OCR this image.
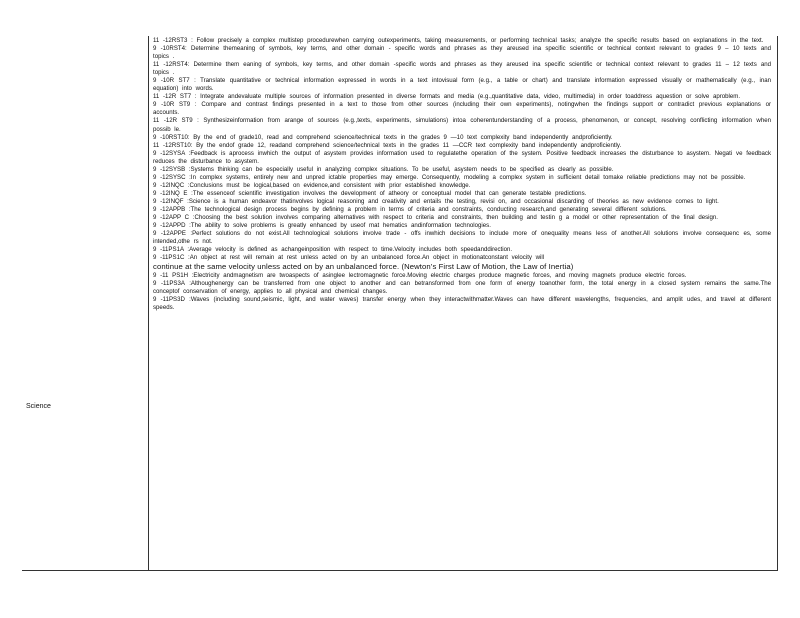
Science
11 -12RST3 : Follow precisely a complex multistep procedurewhen carrying outexperiments, taking measurements, or performing technical tasks; analyze the specific results based on explanations in the text.
9 -10RST4: Determine themeaning of symbols, key terms, and other domain - specific words and phrases as they areused ina specific scientific or technical context relevant to grades 9 – 10 texts and topics .
11 -12RST4: Determine them eaning of symbols, key terms, and other domain -specific words and phrases as they areused ina specific scientific or technical context relevant to grades 11 – 12 texts and topics .
9 -10R ST7 : Translate quantitative or technical information expressed in words in a text intovisual form (e.g., a table or chart) and translate information expressed visually or mathematically (e.g., inan equation) into words.
11 -12R ST7 : Integrate andevaluate multiple sources of information presented in diverse formats and media (e.g.,quantitative data, video, multimedia) in order toaddress aquestion or solve aproblem.
9 -10R ST9 : Compare and contrast findings presented in a text to those from other sources (including their own experiments), notingwhen the findings support or contradict previous explanations or accounts.
11 -12R ST9 : Synthesizeinformation from arange of sources (e.g.,texts, experiments, simulations) intoa coherentunderstanding of a process, phenomenon, or concept, resolving conflicting information when possib le.
9 -10RST10: By the end of grade10, read and comprehend science/technical texts in the grades 9 —10 text complexity band independently andproficiently.
11 -12RST10: By the endof grade 12, readand comprehend science/technical texts in the grades 11 —CCR text complexity band independently andproficiently.
9 -12SYSA :Feedback is aprocess inwhich the output of asystem provides information used to regulatethe operation of the system. Positive feedback increases the disturbance to asystem. Negati ve feedback reduces the disturbance to asystem.
9 -12SYSB :Systems thinking can be especially useful in analyzing complex situations. To be useful, asystem needs to be specified as clearly as possible.
9 -12SYSC :In complex systems, entirely new and unpred ictable properties may emerge. Consequently, modeling a complex system in sufficient detail tomake reliable predictions may not be possible.
9 -12INQC :Conclusions must be logical,based on evidence,and consistent with prior established knowledge.
9 -12INQ E :The essenceof scientific investigation involves the development of atheory or conceptual model that can generate testable predictions.
9 -12INQF :Science is a human endeavor thatinvolves logical reasoning and creativity and entails the testing, revisi on, and occasional discarding of theories as new evidence comes to light.
9 -12APPB :The technological design process begins by defining a problem in terms of criteria and constraints, conducting research,and generating several different solutions.
9 -12APP C :Choosing the best solution involves comparing alternatives with respect to criteria and constraints, then building and testin g a model or other representation of the final design.
9 -12APPD :The ability to solve problems is greatly enhanced by useof mat hematics andinformation technologies.
9 -12APPE :Perfect solutions do not exist.All technological solutions involve trade - offs inwhich decisions to include more of onequality means less of another.All solutions involve consequenc es, some intended,othe rs not.
9 -11PS1A :Average velocity is defined as achangeinposition with respect to time.Velocity includes both speedanddirection.
9 -11PS1C :An object at rest will remain at rest unless acted on by an unbalanced force.An object in motionatconstant velocity will
continue at the same velocity unless acted on by an unbalanced force. (Newton’s First Law of Motion, the Law of Inertia)
9 -11 PS1H :Electricity andmagnetism are twoaspects of asinglee lectromagnetic force.Moving electric charges produce magnetic forces, and moving magnets produce electric forces.
9 -11PS3A :Althoughenergy can be transferred from one object to another and can betransformed from one form of energy toanother form, the total energy in a closed system remains the same.The conceptof conservation of energy, applies to all physical and chemical changes.
9 -11PS3D :Waves (including sound,seismic, light, and water waves) transfer energy when they interactwithmatter.Waves can have different wavelengths, frequencies, and amplit udes, and travel at different speeds.
